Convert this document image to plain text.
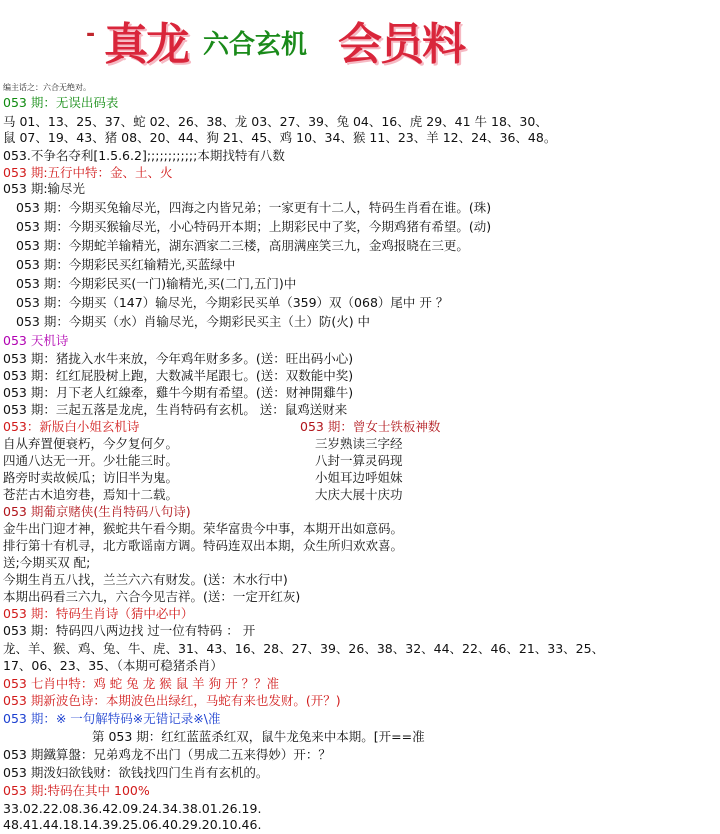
- 真龙 六合玄机 会员料
编主话之：六合无绝对。
053 期：无误出码表
马 01、13、25、37、蛇 02、26、38、龙 03、27、39、兔 04、16、虎 29、41 牛 18、30、
鼠 07、19、43、猪 08、20、44、狗 21、45、鸡 10、34、猴 11、23、羊 12、24、36、48。
053.不争名夺利[1.5.6.2];;;;;;;;;;;;本期找特有八数
053 期:五行中特：金、土、火
053 期:输尽光
053 期：今期买兔输尽光，四海之内皆兄弟；一家更有十二人，特码生肖看在谁。(珠)
053 期：今期买猴输尽光，小心特码开本期；上期彩民中了奖，今期鸡猪有希望。(动)
053 期：今期蛇羊输精光，湖东酒家二三楼，高朋满座笑三九，金鸡报晓在三更。
053 期：今期彩民买红输精光,买蓝绿中
053 期：今期彩民买(一门)输精光,买(二门,五门)中
053 期：今期买（147）输尽光，今期彩民买单（359）双（068）尾中 开 ？
053 期：今期买（水）肖输尽光，今期彩民买主（土）防(火) 中
053 天机诗
053 期：猪拢入水牛来放，今年鸡年财多多。(送：旺出码小心)
053 期：红红屁股树上跑，大数减半尾跟七。(送：双数能中奖)
053 期：月下老人红線牽，雞牛今期有希望。(送：财神開雞牛)
053 期：三起五落是龙虎，生肖特码有玄机。 送：鼠鸡送财来
053：新版白小姐玄机诗	053 期：曾女士铁板神数
自从弃置便衰朽，今夕复何夕。	三岁熟读三字经
四通八达无一开。少壮能三时。	八封一算灵码现
路旁时卖故候瓜；访旧半为鬼。	小姐耳边呼姐妹
苍茫古木追穷巷，焉知十二载。	大庆大展十庆功
053 期葡京赌侠(生肖特码八句诗)
金牛出门迎才神，猴蛇共午看今期。荣华富贵今中事，本期开出如意码。
排行第十有机寻，北方歌谣南方调。特码连双出本期，众生所归欢欢喜。
送;今期买双 配;
今期生肖五八找，兰兰六六有财发。(送：木水行中)
本期出码看三六九，六合今见吉祥。(送：一定开红灰)
053 期：特码生肖诗（猜中必中）
053 期：特码四八两边找 过一位有特码 ： 开
龙、羊、猴、鸡、兔、牛、虎、31、43、16、28、27、39、26、38、32、44、22、46、21、33、25、
17、06、23、35、（本期可稳猪杀肖）
053 七肖中特：鸡 蛇 兔 龙 猴 鼠 羊 狗 开 ？？准
053 期新波色诗：本期波色出绿红，马蛇有来也发财。(开？)
053 期：※ 一句解特码※无错记录※\准
第 053 期：红红蓝蓝杀红双，鼠牛龙兔来中本期。[开==准
053 期鐵算盤：兄弟鸡龙不出门（男成二五来得妙）开：？
053 期泼妇欲钱财：欲钱找四门生肖有玄机的。
053 期:特码在其中 100%
33.02.22.08.36.42.09.24.34.38.01.26.19.
48.41.44.18.14.39.25.06.40.29.20.10.46.
